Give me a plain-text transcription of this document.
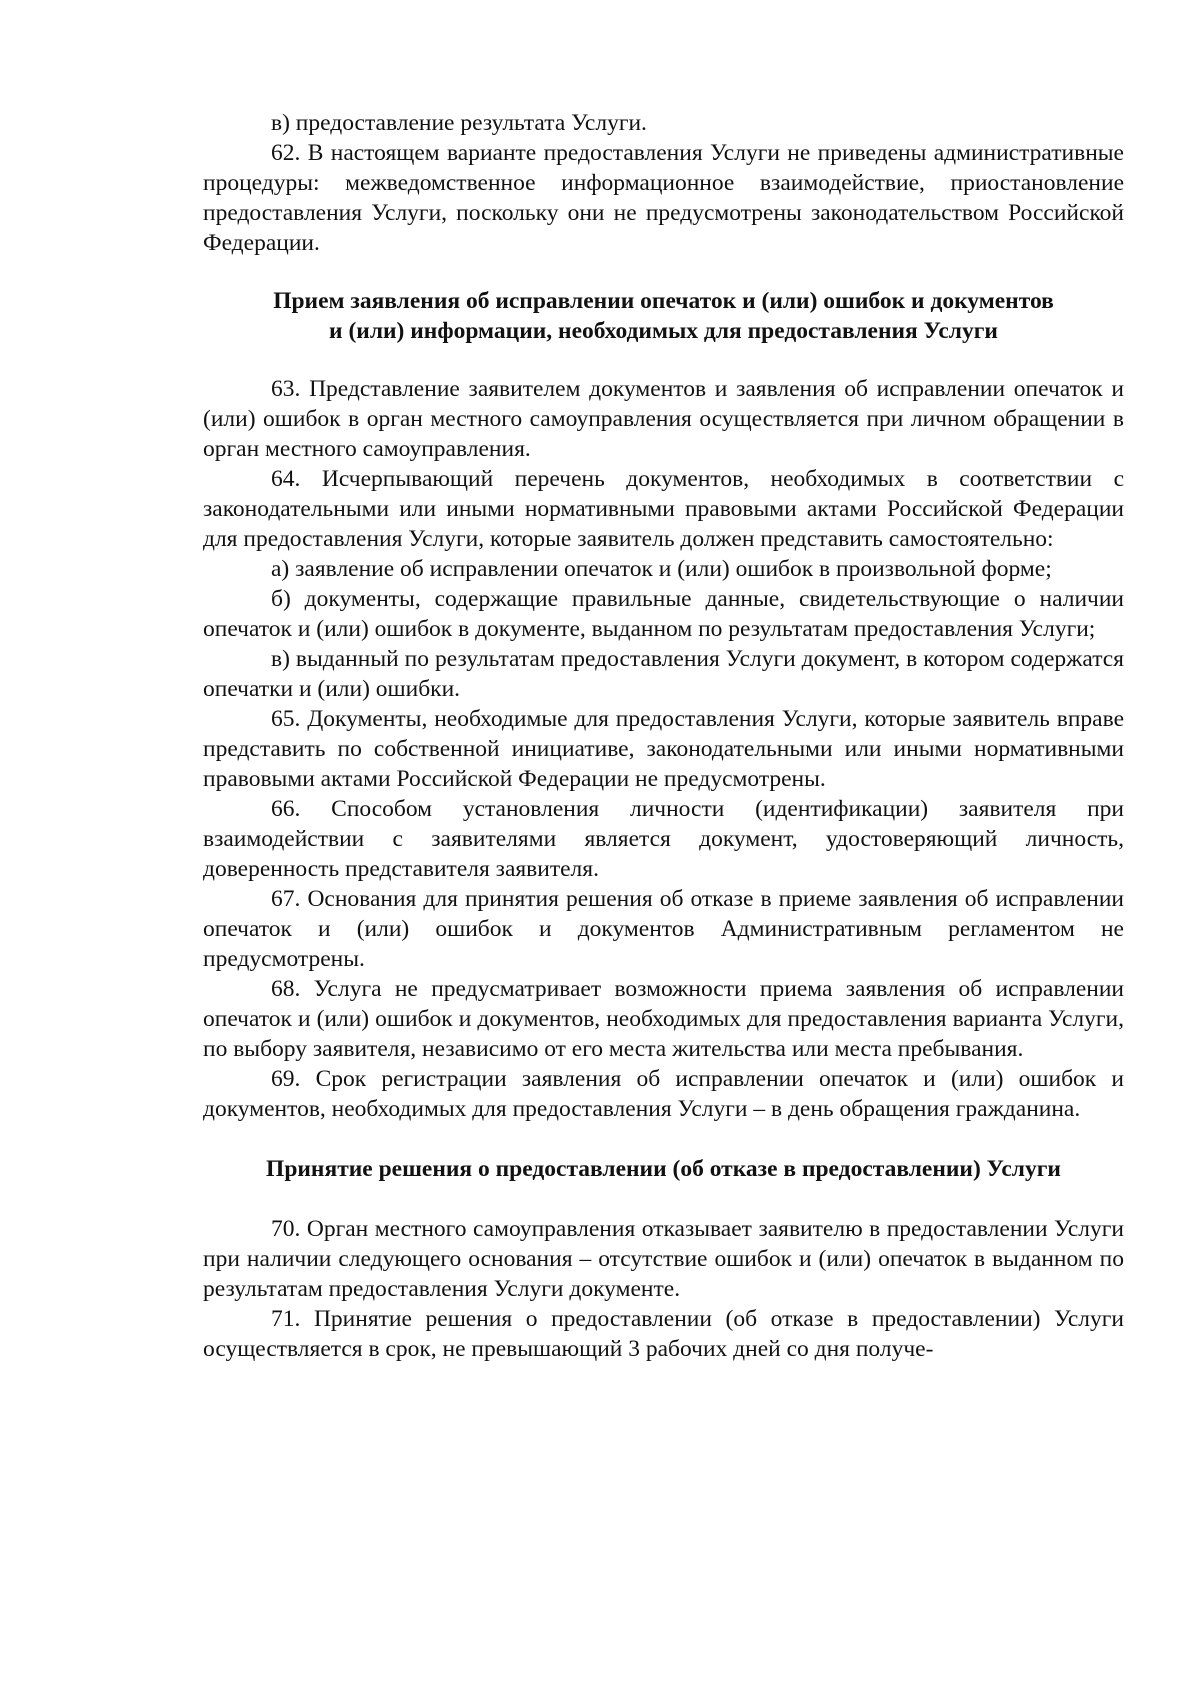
в) предоставление результата Услуги.

62. В настоящем варианте предоставления Услуги не приведены административные процедуры: межведомственное информационное взаимодействие, приостановление предоставления Услуги, поскольку они не предусмотрены законодательством Российской Федерации.

Прием заявления об исправлении опечаток и (или) ошибок и документов
и (или) информации, необходимых для предоставления Услуги

63. Представление заявителем документов и заявления об исправлении опечаток и (или) ошибок в орган местного самоуправления осуществляется при личном обращении в орган местного самоуправления.

64. Исчерпывающий перечень документов, необходимых в соответствии с законодательными или иными нормативными правовыми актами Российской Федерации для предоставления Услуги, которые заявитель должен представить самостоятельно:

а) заявление об исправлении опечаток и (или) ошибок в произвольной форме;

б) документы, содержащие правильные данные, свидетельствующие о наличии опечаток и (или) ошибок в документе, выданном по результатам предоставления Услуги;

в) выданный по результатам предоставления Услуги документ, в котором содержатся опечатки и (или) ошибки.

65. Документы, необходимые для предоставления Услуги, которые заявитель вправе представить по собственной инициативе, законодательными или иными нормативными правовыми актами Российской Федерации не предусмотрены.

66. Способом установления личности (идентификации) заявителя при взаимодействии с заявителями является документ, удостоверяющий личность, доверенность представителя заявителя.

67. Основания для принятия решения об отказе в приеме заявления об исправлении опечаток и (или) ошибок и документов Административным регламентом не предусмотрены.

68. Услуга не предусматривает возможности приема заявления об исправлении опечаток и (или) ошибок и документов, необходимых для предоставления варианта Услуги, по выбору заявителя, независимо от его места жительства или места пребывания.

69. Срок регистрации заявления об исправлении опечаток и (или) ошибок и документов, необходимых для предоставления Услуги – в день обращения гражданина.

Принятие решения о предоставлении (об отказе в предоставлении) Услуги

70. Орган местного самоуправления отказывает заявителю в предоставлении Услуги при наличии следующего основания – отсутствие ошибок и (или) опечаток в выданном по результатам предоставления Услуги документе.

71. Принятие решения о предоставлении (об отказе в предоставлении) Услуги осуществляется в срок, не превышающий 3 рабочих дней со дня получе-
